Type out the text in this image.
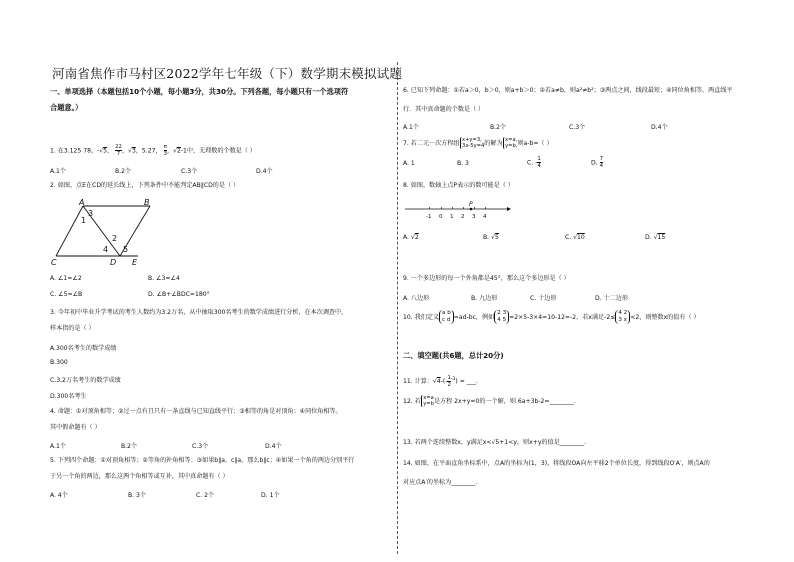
河南省焦作市马村区2022学年七年级（下）数学期末模拟试题
一、单项选择（本题包括10个小题，每小题3分，共30分。下列各题，每小题只有一个选项符
合题意。）
1. 在3.125 78，-√5， $\frac{22}{7}$ ，√3，5.27， $\frac{\pi}{3}$ ，√2-1中，无理数的个数是（ ）
A.1个	B.2个	C.3个	D.4个
2. 如图，点E在CD的延长线上，下列条件中不能判定AB∥CD的是（ ）
A	B
C	D E
1
2
3
4 5
A. ∠1=∠2	B. ∠3=∠4
C. ∠5=∠B	D. ∠B+∠BDC=180°
3. 今年初中毕业升学考试的考生人数约为3.2万名，从中抽取300名考生的数学成绩进行分析，在本次调查中，
样本指的是（ ）
A.300名考生的数学成绩
B.300
C.3.2万名考生的数学成绩
D.300名考生
4. 命题：①对顶角相等；②过一点有且只有一条直线与已知直线平行；③相等的角是对顶角；④同位角相等。
其中假命题有（ ）
A.1个	B.2个	C.3个	D.4个
5. 下列四个命题：①对顶角相等；②等角的补角相等；③如果b∥a，c∥a，那么b∥c；④如果一个角的两边分别平行
于另一个角的两边，那么这两个角相等或互补，其中真命题有（ ）
A. 4个	B. 3个	C. 2个	D. 1个
6. 已知下列命题：①若a＞0，b＞0，则a+b＞0；②若a≠b，则a²≠b²；③两点之间，线段最短；④同位角相等，两直线平
行．其中真命题的个数是（ ）
A.1个	B.2个	C.3个	D.4个
7. 若二元一次方程组
x+y=3,
3x-5y=4 的解为
x=a,
y=b, 则a-b=（ ）
A. 1	B. 3	C. - $\frac{1}{4}$	D. $\frac{7}{4}$
8. 如图，数轴上点P表示的数可能是（ ）
P
-1 0 1 2 3 4
A. √2	B. √5	C. √10	D. √15
9. 一个多边形的每一个外角都是45°，那么这个多边形是（ ）
A. 八边形	B. 九边形	C. 十边形	D. 十二边形
10. 我们定义a b
c d =ad-bc，例如2 3
4 5 =2×5-3×4=10-12=-2，若x满足-2≤4 2
3 x <2，则整数x的值有（ ）
二、填空题(共6题，总计20分)
11. 计算：$√4-(- \frac{1}{2} ^{-3})$ = ___.
12. 若
x=a
y=b 是方程 2x+y=0的一个解，则 6a+3b-2=________.
13. 若两个连续整数x，y满足x<√5+1<y，则x+y的值是________.
14. 如图，在平面直角坐标系中，点A的坐标为(1，3)，将线段OA向左平移2个单位长度，得到线段O′A′，则点A的
对应点A′的坐标为________.
